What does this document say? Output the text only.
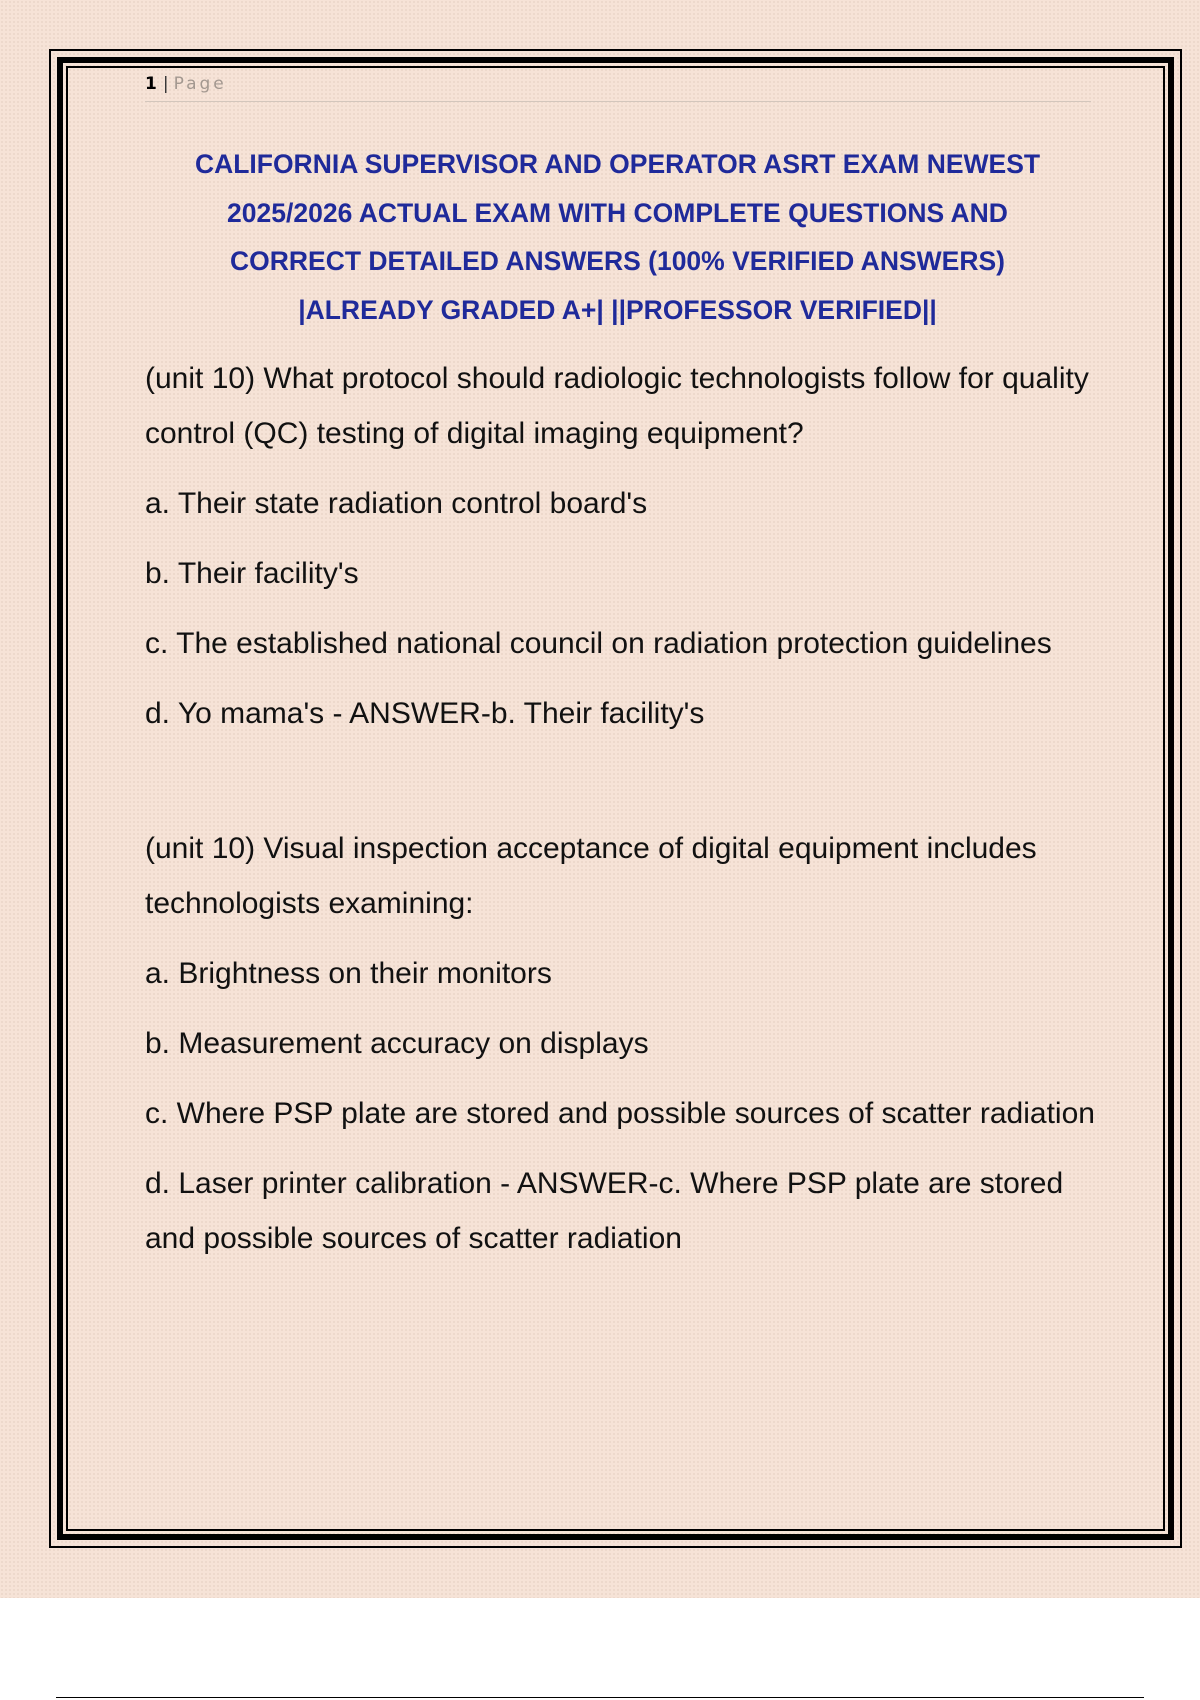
1 | Page
CALIFORNIA SUPERVISOR AND OPERATOR ASRT EXAM NEWEST
2025/2026 ACTUAL EXAM WITH COMPLETE QUESTIONS AND
CORRECT DETAILED ANSWERS (100% VERIFIED ANSWERS)
|ALREADY GRADED A+| ||PROFESSOR VERIFIED||

(unit 10) What protocol should radiologic technologists follow for quality control (QC) testing of digital imaging equipment?

a. Their state radiation control board's

b. Their facility's

c. The established national council on radiation protection guidelines

d. Yo mama's - ANSWER-b. Their facility's

(unit 10) Visual inspection acceptance of digital equipment includes technologists examining:

a. Brightness on their monitors

b. Measurement accuracy on displays

c. Where PSP plate are stored and possible sources of scatter radiation

d. Laser printer calibration - ANSWER-c. Where PSP plate are stored and possible sources of scatter radiation
